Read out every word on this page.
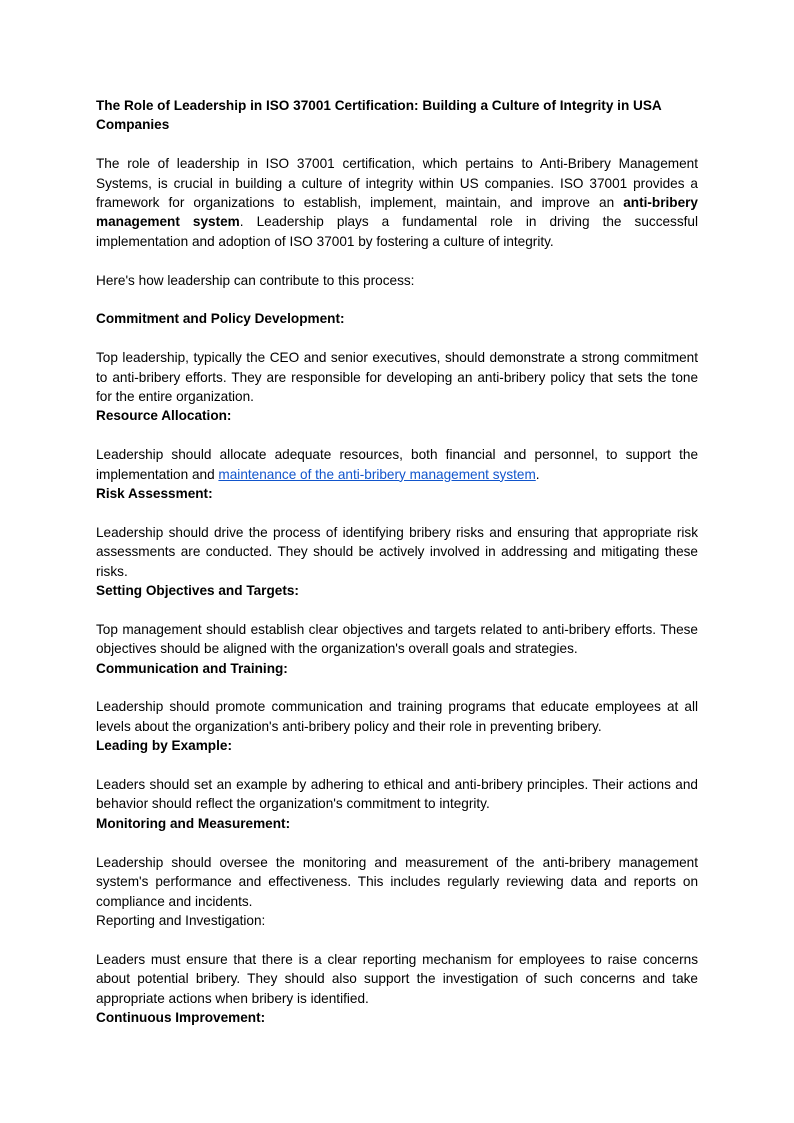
The Role of Leadership in ISO 37001 Certification: Building a Culture of Integrity in USA Companies

The role of leadership in ISO 37001 certification, which pertains to Anti-Bribery Management Systems, is crucial in building a culture of integrity within US companies. ISO 37001 provides a framework for organizations to establish, implement, maintain, and improve an anti-bribery management system. Leadership plays a fundamental role in driving the successful implementation and adoption of ISO 37001 by fostering a culture of integrity.

Here's how leadership can contribute to this process:

Commitment and Policy Development:

Top leadership, typically the CEO and senior executives, should demonstrate a strong commitment to anti-bribery efforts. They are responsible for developing an anti-bribery policy that sets the tone for the entire organization.

Resource Allocation:

Leadership should allocate adequate resources, both financial and personnel, to support the implementation and maintenance of the anti-bribery management system.

Risk Assessment:

Leadership should drive the process of identifying bribery risks and ensuring that appropriate risk assessments are conducted. They should be actively involved in addressing and mitigating these risks.

Setting Objectives and Targets:

Top management should establish clear objectives and targets related to anti-bribery efforts. These objectives should be aligned with the organization's overall goals and strategies.

Communication and Training:

Leadership should promote communication and training programs that educate employees at all levels about the organization's anti-bribery policy and their role in preventing bribery.

Leading by Example:

Leaders should set an example by adhering to ethical and anti-bribery principles. Their actions and behavior should reflect the organization's commitment to integrity.

Monitoring and Measurement:

Leadership should oversee the monitoring and measurement of the anti-bribery management system's performance and effectiveness. This includes regularly reviewing data and reports on compliance and incidents.

Reporting and Investigation:

Leaders must ensure that there is a clear reporting mechanism for employees to raise concerns about potential bribery. They should also support the investigation of such concerns and take appropriate actions when bribery is identified.

Continuous Improvement:
